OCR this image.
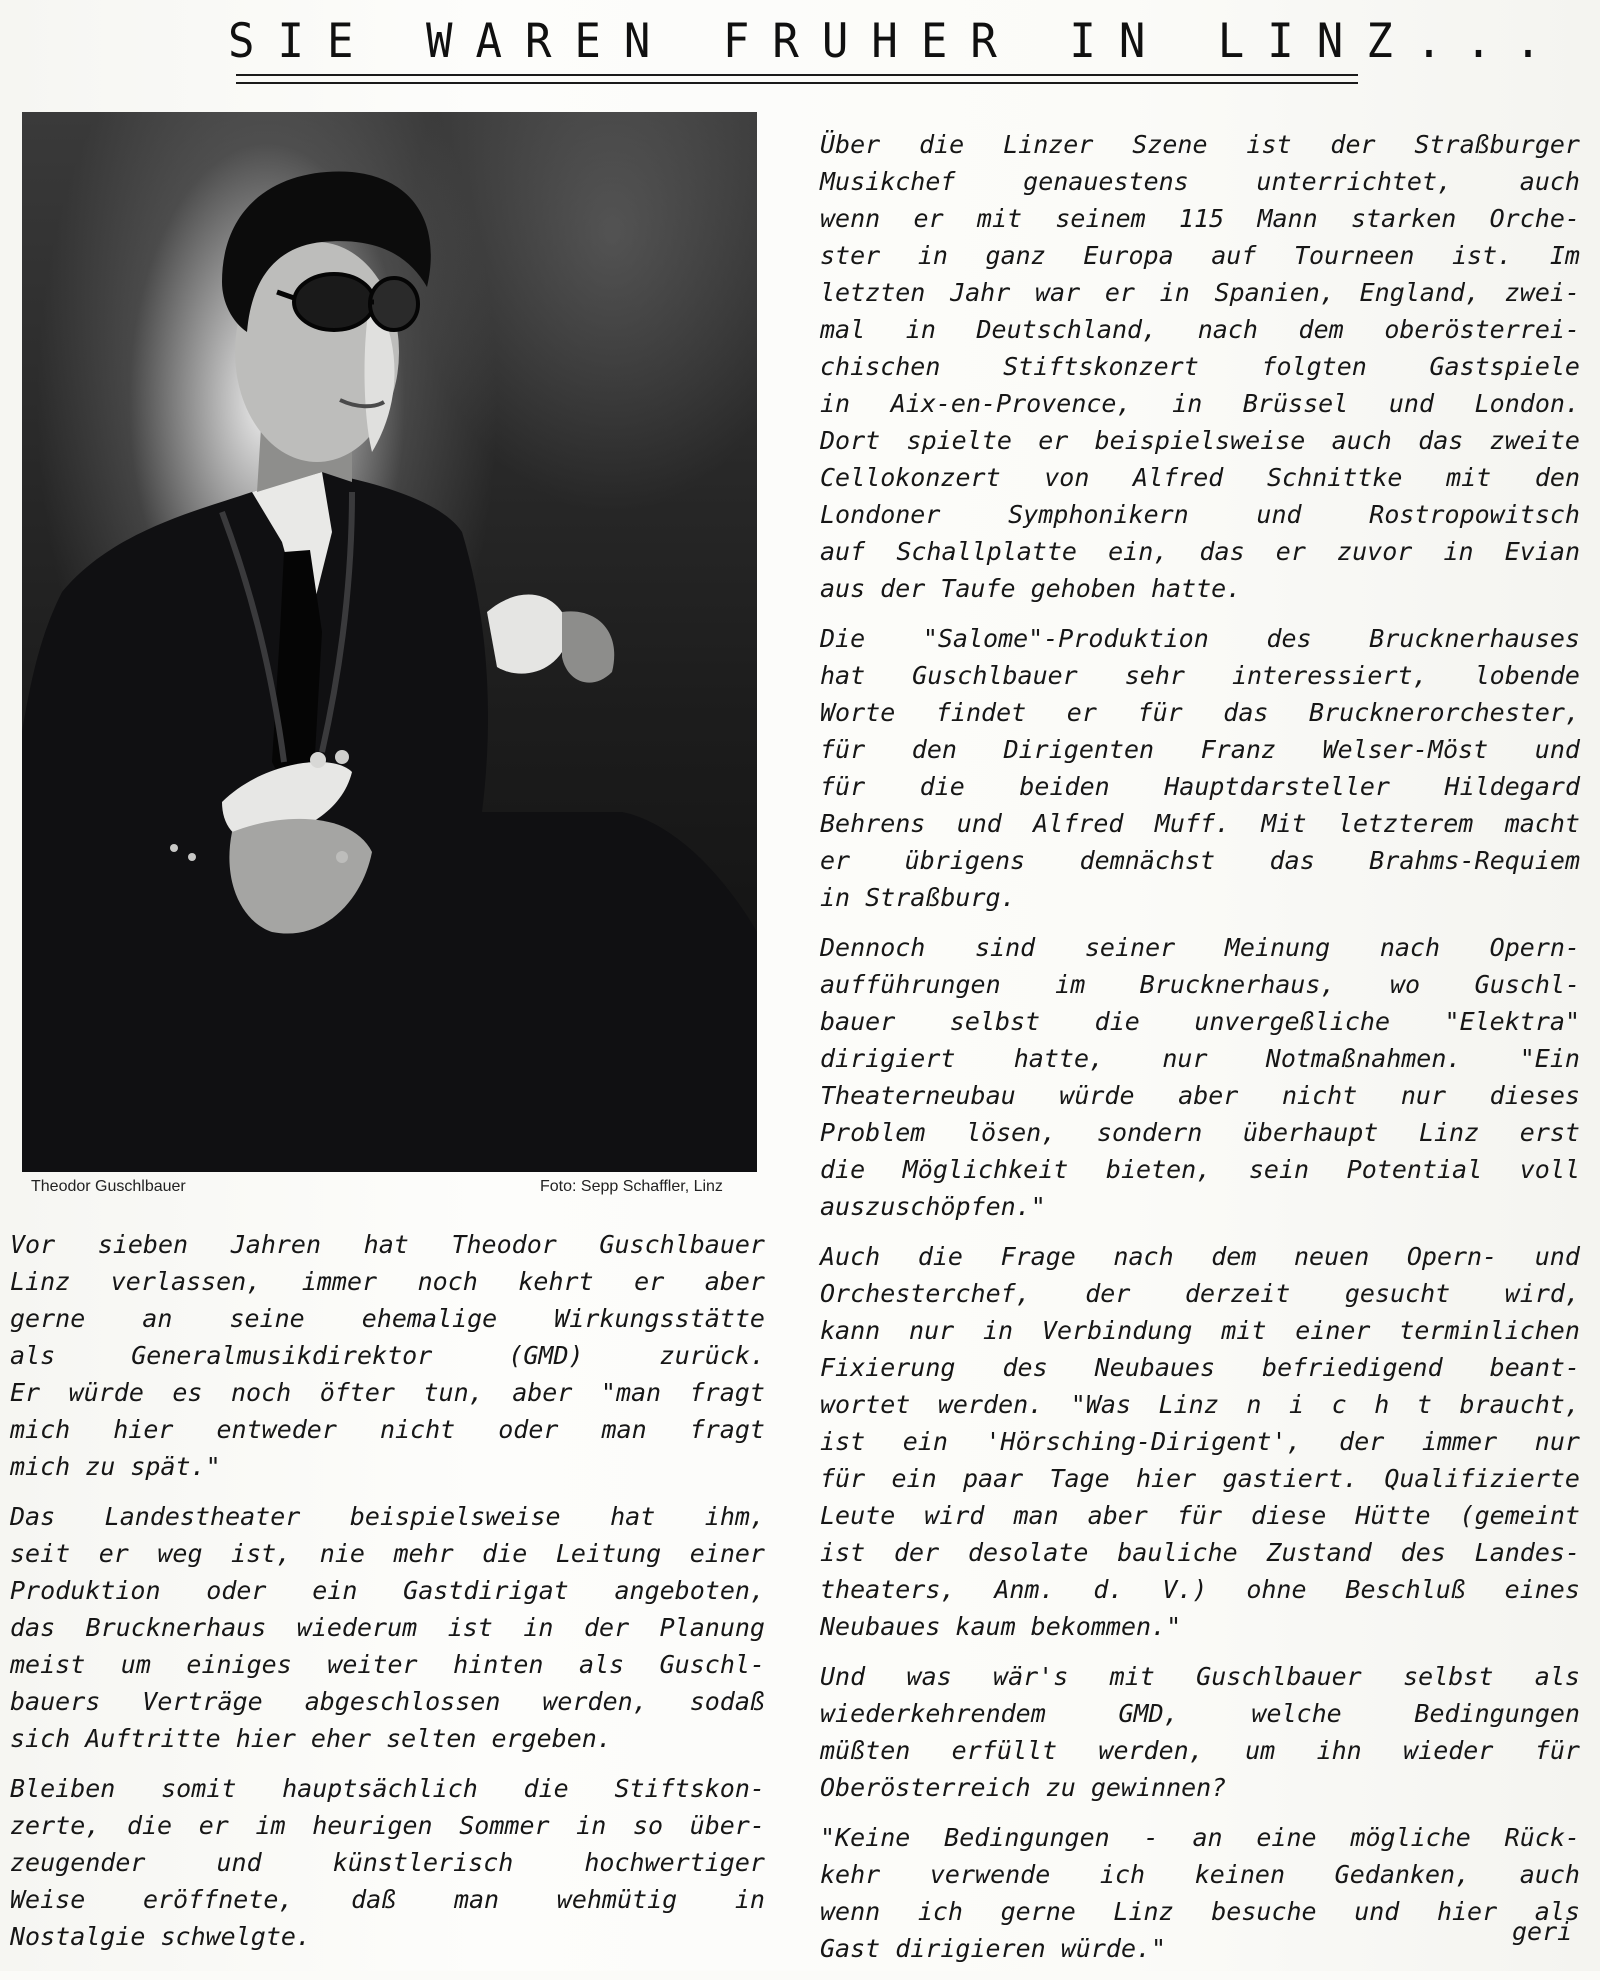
SIE WAREN FRUHER IN LINZ...
Theodor Guschlbauer	Foto: Sepp Schaffler, Linz
Über die Linzer Szene ist der Straßburger
Musikchef	genauestens	unterrichtet,	auch
wenn er mit seinem 115 Mann starken Orche-
ster in ganz Europa auf Tourneen ist. Im
letzten Jahr war er in Spanien, England, zwei-
mal in Deutschland, nach dem oberösterrei-
chischen	Stiftskonzert	folgten	Gastspiele
in Aix-en-Provence, in Brüssel und London.
Dort spielte er beispielsweise auch das zweite
Cellokonzert von Alfred Schnittke mit den
Londoner	Symphonikern	und	Rostropowitsch
auf Schallplatte ein, das er zuvor in Evian
aus der Taufe gehoben hatte.
Die "Salome"-Produktion des Brucknerhauses
hat Guschlbauer sehr interessiert, lobende
Worte findet er für das Brucknerorchester,
für den Dirigenten Franz Welser-Möst und
für die beiden Hauptdarsteller Hildegard
Behrens und Alfred Muff. Mit letzterem macht
er übrigens demnächst das Brahms-Requiem
in Straßburg.
Dennoch sind seiner Meinung nach Opern-
aufführungen im Brucknerhaus, wo Guschl-
bauer selbst die unvergeßliche "Elektra"
dirigiert hatte, nur Notmaßnahmen. "Ein
Theaterneubau würde aber nicht nur dieses
Problem lösen, sondern überhaupt Linz erst
die Möglichkeit bieten, sein Potential voll
auszuschöpfen."
Auch die Frage nach dem neuen Opern- und
Orchesterchef, der derzeit gesucht wird,
kann nur in Verbindung mit einer terminlichen
Fixierung des Neubaues befriedigend beant-
wortet werden. "Was Linz n i c h t braucht,
ist ein 'Hörsching-Dirigent', der immer nur
für ein paar Tage hier gastiert. Qualifizierte
Leute wird man aber für diese Hütte (gemeint
ist der desolate bauliche Zustand des Landes-
theaters, Anm. d. V.) ohne Beschluß eines
Neubaues kaum bekommen."
Und was wär's mit Guschlbauer selbst als
wiederkehrendem	GMD,	welche	Bedingungen
müßten erfüllt werden, um ihn wieder für
Oberösterreich zu gewinnen?
"Keine Bedingungen - an eine mögliche Rück-
kehr verwende ich keinen Gedanken, auch
wenn ich gerne Linz besuche und hier als
Gast dirigieren würde."
Vor sieben Jahren hat Theodor Guschlbauer
Linz verlassen, immer noch kehrt er aber
gerne an seine ehemalige Wirkungsstätte
als	Generalmusikdirektor	(GMD)	zurück.
Er würde es noch öfter tun, aber "man fragt
mich hier entweder nicht oder man fragt
mich zu spät."
Das Landestheater beispielsweise hat ihm,
seit er weg ist, nie mehr die Leitung einer
Produktion oder ein Gastdirigat angeboten,
das Brucknerhaus wiederum ist in der Planung
meist um einiges weiter hinten als Guschl-
bauers Verträge abgeschlossen werden, sodaß
sich Auftritte hier eher selten ergeben.
Bleiben somit hauptsächlich die Stiftskon-
zerte, die er im heurigen Sommer in so über-
zeugender	und	künstlerisch	hochwertiger
Weise eröffnete, daß man wehmütig in
Nostalgie schwelgte.	geri
